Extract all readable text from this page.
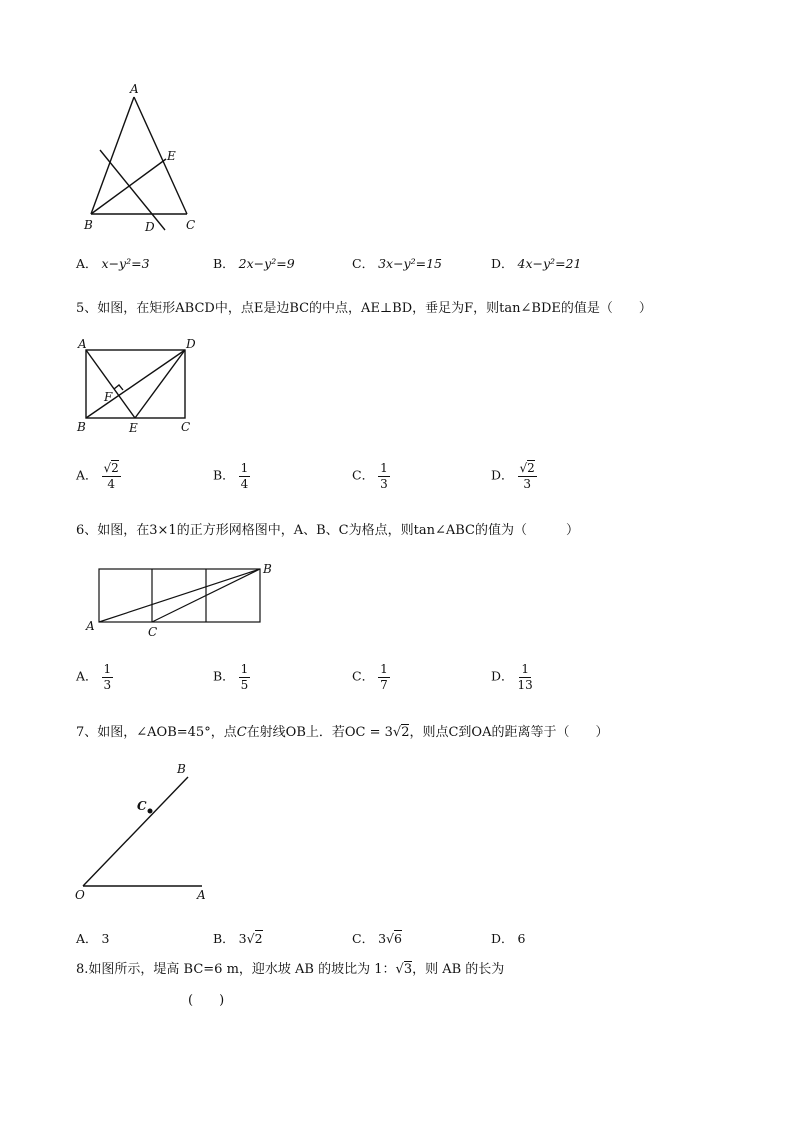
A
B	C
D
E
A	D
B	E	C
F
A
B
C
B
C
O	A
A． x−y²=3	B． 2x−y²=9	C． 3x−y²=15	D． 4x−y²=21
5、如图，在矩形ABCD中，点E是边BC的中点，AE⊥BD，垂足为F，则tan∠BDE的值是（　　）
A． $\frac{√2}{4}$	B． $\frac{1}{4}$	C． $\frac{1}{3}$	D． $\frac{√2}{3}$
6、如图，在3×1的正方形网格图中，A、B、C为格点，则tan∠ABC的值为（　　　）
A． $\frac{1}{3}$	B． $\frac{1}{5}$	C． $\frac{1}{7}$	D． $\frac{1}{13}$
7、如图，∠AOB=45°，点C在射线OB上．若OC = 3√2，则点C到OA的距离等于（　　）
A． 3	B． 3√2	C． 3√6	D． 6
8.如图所示，堤高 BC=6 m，迎水坡 AB 的坡比为 1：√3，则 AB 的长为
(　　)
